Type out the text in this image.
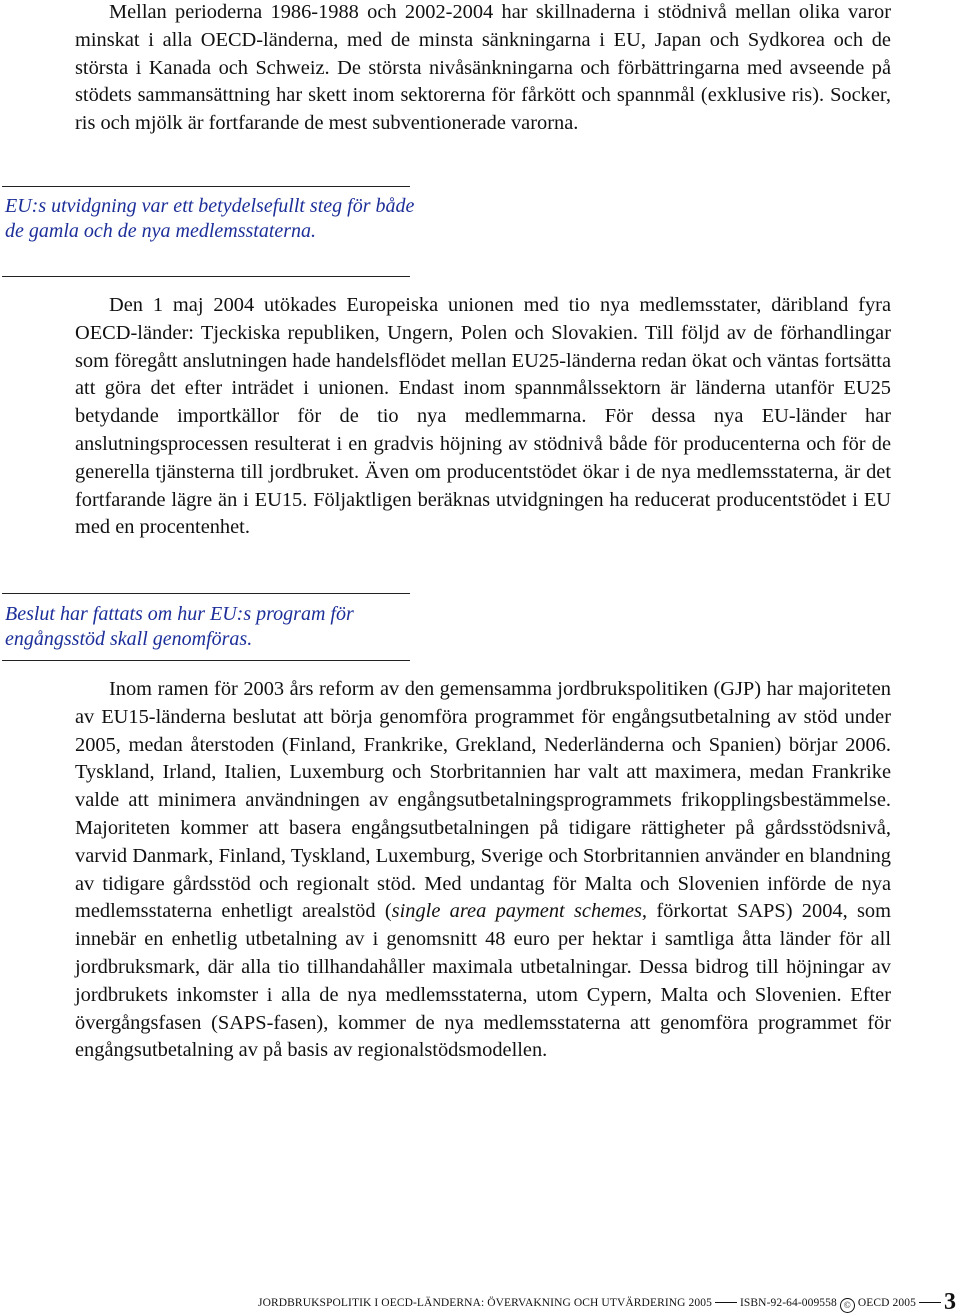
Mellan perioderna 1986-1988 och 2002-2004 har skillnaderna i stödnivå mellan olika varor minskat i alla OECD-länderna, med de minsta sänkningarna i EU, Japan och Sydkorea och de största i Kanada och Schweiz. De största nivåsänkningarna och förbättringarna med avseende på stödets sammansättning har skett inom sektorerna för fårkött och spannmål (exklusive ris). Socker, ris och mjölk är fortfarande de mest subventionerade varorna.

EU:s utvidgning var ett betydelsefullt steg för både de gamla och de nya medlemsstaterna.

Den 1 maj 2004 utökades Europeiska unionen med tio nya medlemsstater, däribland fyra OECD-länder: Tjeckiska republiken, Ungern, Polen och Slovakien. Till följd av de förhandlingar som föregått anslutningen hade handelsflödet mellan EU25-länderna redan ökat och väntas fortsätta att göra det efter inträdet i unionen. Endast inom spannmålssektorn är länderna utanför EU25 betydande importkällor för de tio nya medlemmarna. För dessa nya EU-länder har anslutningsprocessen resulterat i en gradvis höjning av stödnivå både för producenterna och för de generella tjänsterna till jordbruket. Även om producentstödet ökar i de nya medlemsstaterna, är det fortfarande lägre än i EU15. Följaktligen beräknas utvidgningen ha reducerat producentstödet i EU med en procentenhet.

Beslut har fattats om hur EU:s program för engångsstöd skall genomföras.

Inom ramen för 2003 års reform av den gemensamma jordbrukspolitiken (GJP) har majoriteten av EU15-länderna beslutat att börja genomföra programmet för engångsutbetalning av stöd under 2005, medan återstoden (Finland, Frankrike, Grekland, Nederländerna och Spanien) börjar 2006. Tyskland, Irland, Italien, Luxemburg och Storbritannien har valt att maximera, medan Frankrike valde att minimera användningen av engångsutbetalningsprogrammets frikopplingsbestämmelse. Majoriteten kommer att basera engångsutbetalningen på tidigare rättigheter på gårdsstödsnivå, varvid Danmark, Finland, Tyskland, Luxemburg, Sverige och Storbritannien använder en blandning av tidigare gårdsstöd och regionalt stöd. Med undantag för Malta och Slovenien införde de nya medlemsstaterna enhetligt arealstöd (single area payment schemes, förkortat SAPS) 2004, som innebär en enhetlig utbetalning av i genomsnitt 48 euro per hektar i samtliga åtta länder för all jordbruksmark, där alla tio tillhandahåller maximala utbetalningar. Dessa bidrog till höjningar av jordbrukets inkomster i alla de nya medlemsstaterna, utom Cypern, Malta och Slovenien. Efter övergångsfasen (SAPS-fasen), kommer de nya medlemsstaterna att genomföra programmet för engångsutbetalning av på basis av regionalstödsmodellen.

JORDBRUKSPOLITIK I OECD-LÄNDERNA: ÖVERVAKNING OCH UTVÄRDERING 2005 ISBN-92-64-009558 © OECD 2005	3
